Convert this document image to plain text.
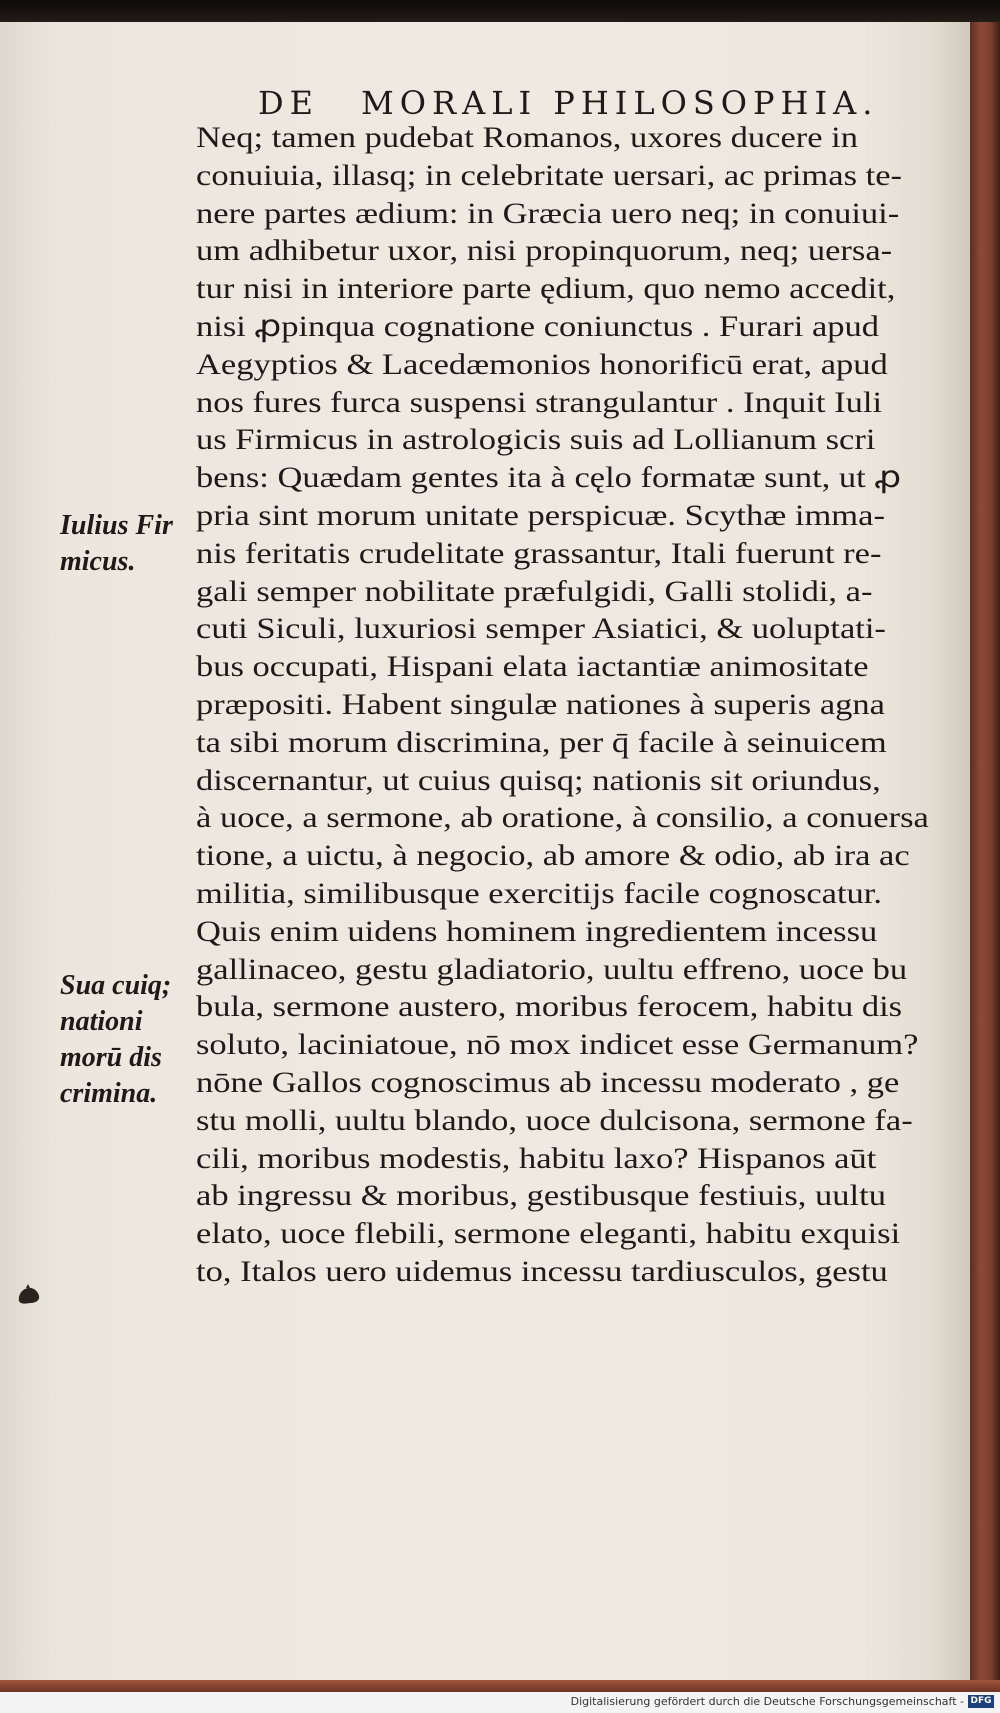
DE MORALI PHILOSOPHIA.
Neq; tamen pudebat Romanos, uxores ducere in
conuiuia, illasq; in celebritate uersari, ac primas te-
nere partes ædium: in Græcia uero neq; in conuiui-
um adhibetur uxor, nisi propinquorum, neq; uersa-
tur nisi in interiore parte ędium, quo nemo accedit,
nisi ꝓpinqua cognatione coniunctus . Furari apud
Aegyptios & Lacedæmonios honorificū erat, apud
nos fures furca suspensi strangulantur . Inquit Iuli
us Firmicus in astrologicis suis ad Lollianum scri
bens: Quædam gentes ita à cęlo formatæ sunt, ut ꝓ
pria sint morum unitate perspicuæ. Scythæ imma-
nis feritatis crudelitate grassantur, Itali fuerunt re-
gali semper nobilitate præfulgidi, Galli stolidi, a-
cuti Siculi, luxuriosi semper Asiatici, & uoluptati-
bus occupati, Hispani elata iactantiæ animositate
præpositi. Habent singulæ nationes à superis agna
ta sibi morum discrimina, per q̄ facile à seinuicem
discernantur, ut cuius quisq; nationis sit oriundus,
à uoce, a sermone, ab oratione, à consilio, a conuersa
tione, a uictu, à negocio, ab amore & odio, ab ira ac
militia, similibusque exercitijs facile cognoscatur.
Quis enim uidens hominem ingredientem incessu
gallinaceo, gestu gladiatorio, uultu effreno, uoce bu
bula, sermone austero, moribus ferocem, habitu dis
soluto, laciniatoue, nō mox indicet esse Germanum?
nōne Gallos cognoscimus ab incessu moderato , ge
stu molli, uultu blando, uoce dulcisona, sermone fa-
cili, moribus modestis, habitu laxo? Hispanos aūt
ab ingressu & moribus, gestibusque festiuis, uultu
elato, uoce flebili, sermone eleganti, habitu exquisi
to, Italos uero uidemus incessu tardiusculos, gestu
Iulius Fir
micus.
Sua cuiq;
nationi
morū dis
crimina.
Digitalisierung gefördert durch die Deutsche Forschungsgemeinschaft - DFG
